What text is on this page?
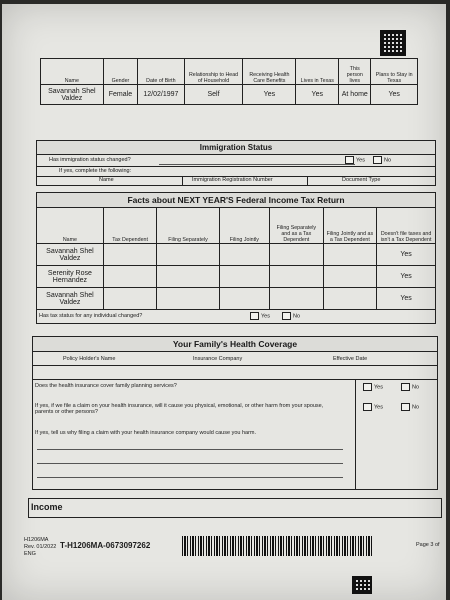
Name	Gender	Date of Birth	Relationship to Head of Household	Receiving Health Care Benefits	Lives in Texas	This person lives	Plans to Stay in Texas
Savannah Shel Valdez	Female	12/02/1997	Self	Yes	Yes	At home	Yes
Immigration Status
Has immigration status changed?	Yes	No
If yes, complete the following:
Name	Immigration Registration Number	Document Type
Facts about NEXT YEAR'S Federal Income Tax Return
Name	Tax Dependent	Filing Separately	Filing Jointly	Filing Separately and as a Tax Dependent	Filing Jointly and as a Tax Dependent	Doesn't file taxes and isn't a Tax Dependent
Savannah Shel Valdez						Yes
Serenity Rose Hernandez						Yes
Savannah Shel Valdez						Yes
Has tax status for any individual changed?	Yes	No
Your Family's Health Coverage
Policy Holder's Name	Insurance Company	Effective Date
Does the health insurance cover family planning services?	Yes	No
If yes, if we file a claim on your health insurance, will it cause you physical, emotional, or other harm from your spouse, parents or other persons?
Yes	No
If yes, tell us why filing a claim with your health insurance company would cause you harm.
Income
H1206MA
Rev. 01/2022
ENG
T-H1206MA-0673097262	Page 3 of
